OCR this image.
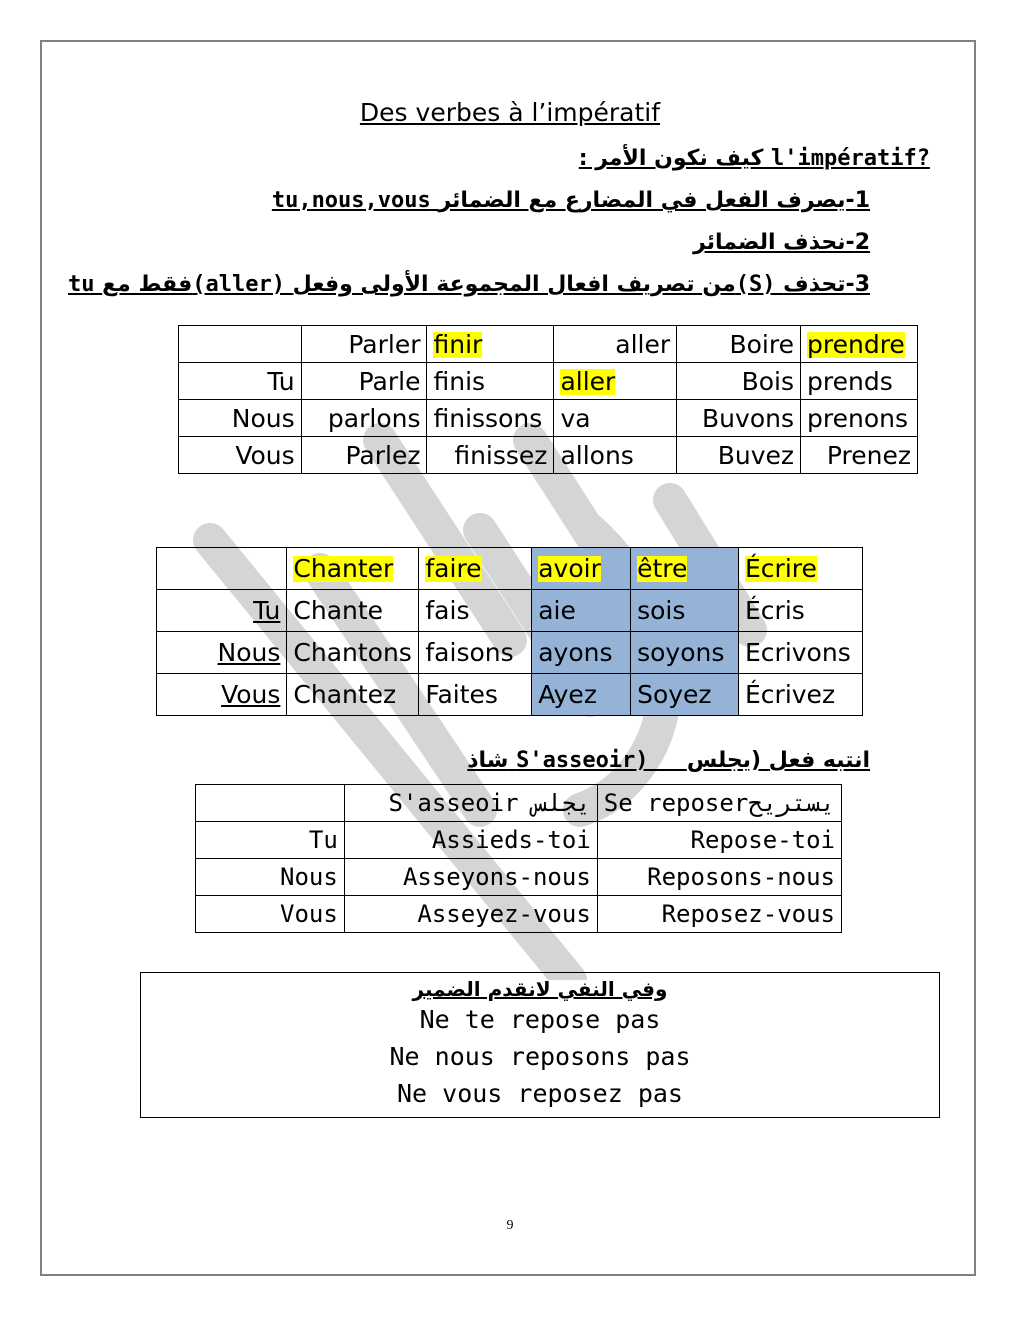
Des verbes à l’impératif
l'impératif? كيف نكون الأمر :
1-يصرف الفعل في المضارع مع الضمائر tu,nous,vous
2-نحذف الضمائر
3-تحذف (S)من تصريف افعال المجموعة الأولى وفعل (aller)فقط مع tu
	Parler	finir	aller	Boire	prendre
Tu	Parle	finis	aller	Bois	prends
Nous	parlons	finissons	va	Buvons	prenons
Vous	Parlez	finissez	allons	Buvez	Prenez
	Chanter	faire	avoir	être	Écrire
Tu	Chante	fais	aie	sois	Écris
Nous	Chantons	faisons	ayons	soyons	Ecrivons
Vous	Chantez	Faites	Ayez	Soyez	Écrivez
انتبه فعل (يجلس     S'asseoir) شاذ
	S'asseoir يجلس	Se reposerيستريح
Tu	Assieds-toi	Repose-toi
Nous	Asseyons-nous	Reposons-nous
Vous	Asseyez-vous	Reposez-vous
وفي النفي لانقدم الضمير
Ne te repose pas
Ne nous reposons pas
Ne vous reposez pas
9
